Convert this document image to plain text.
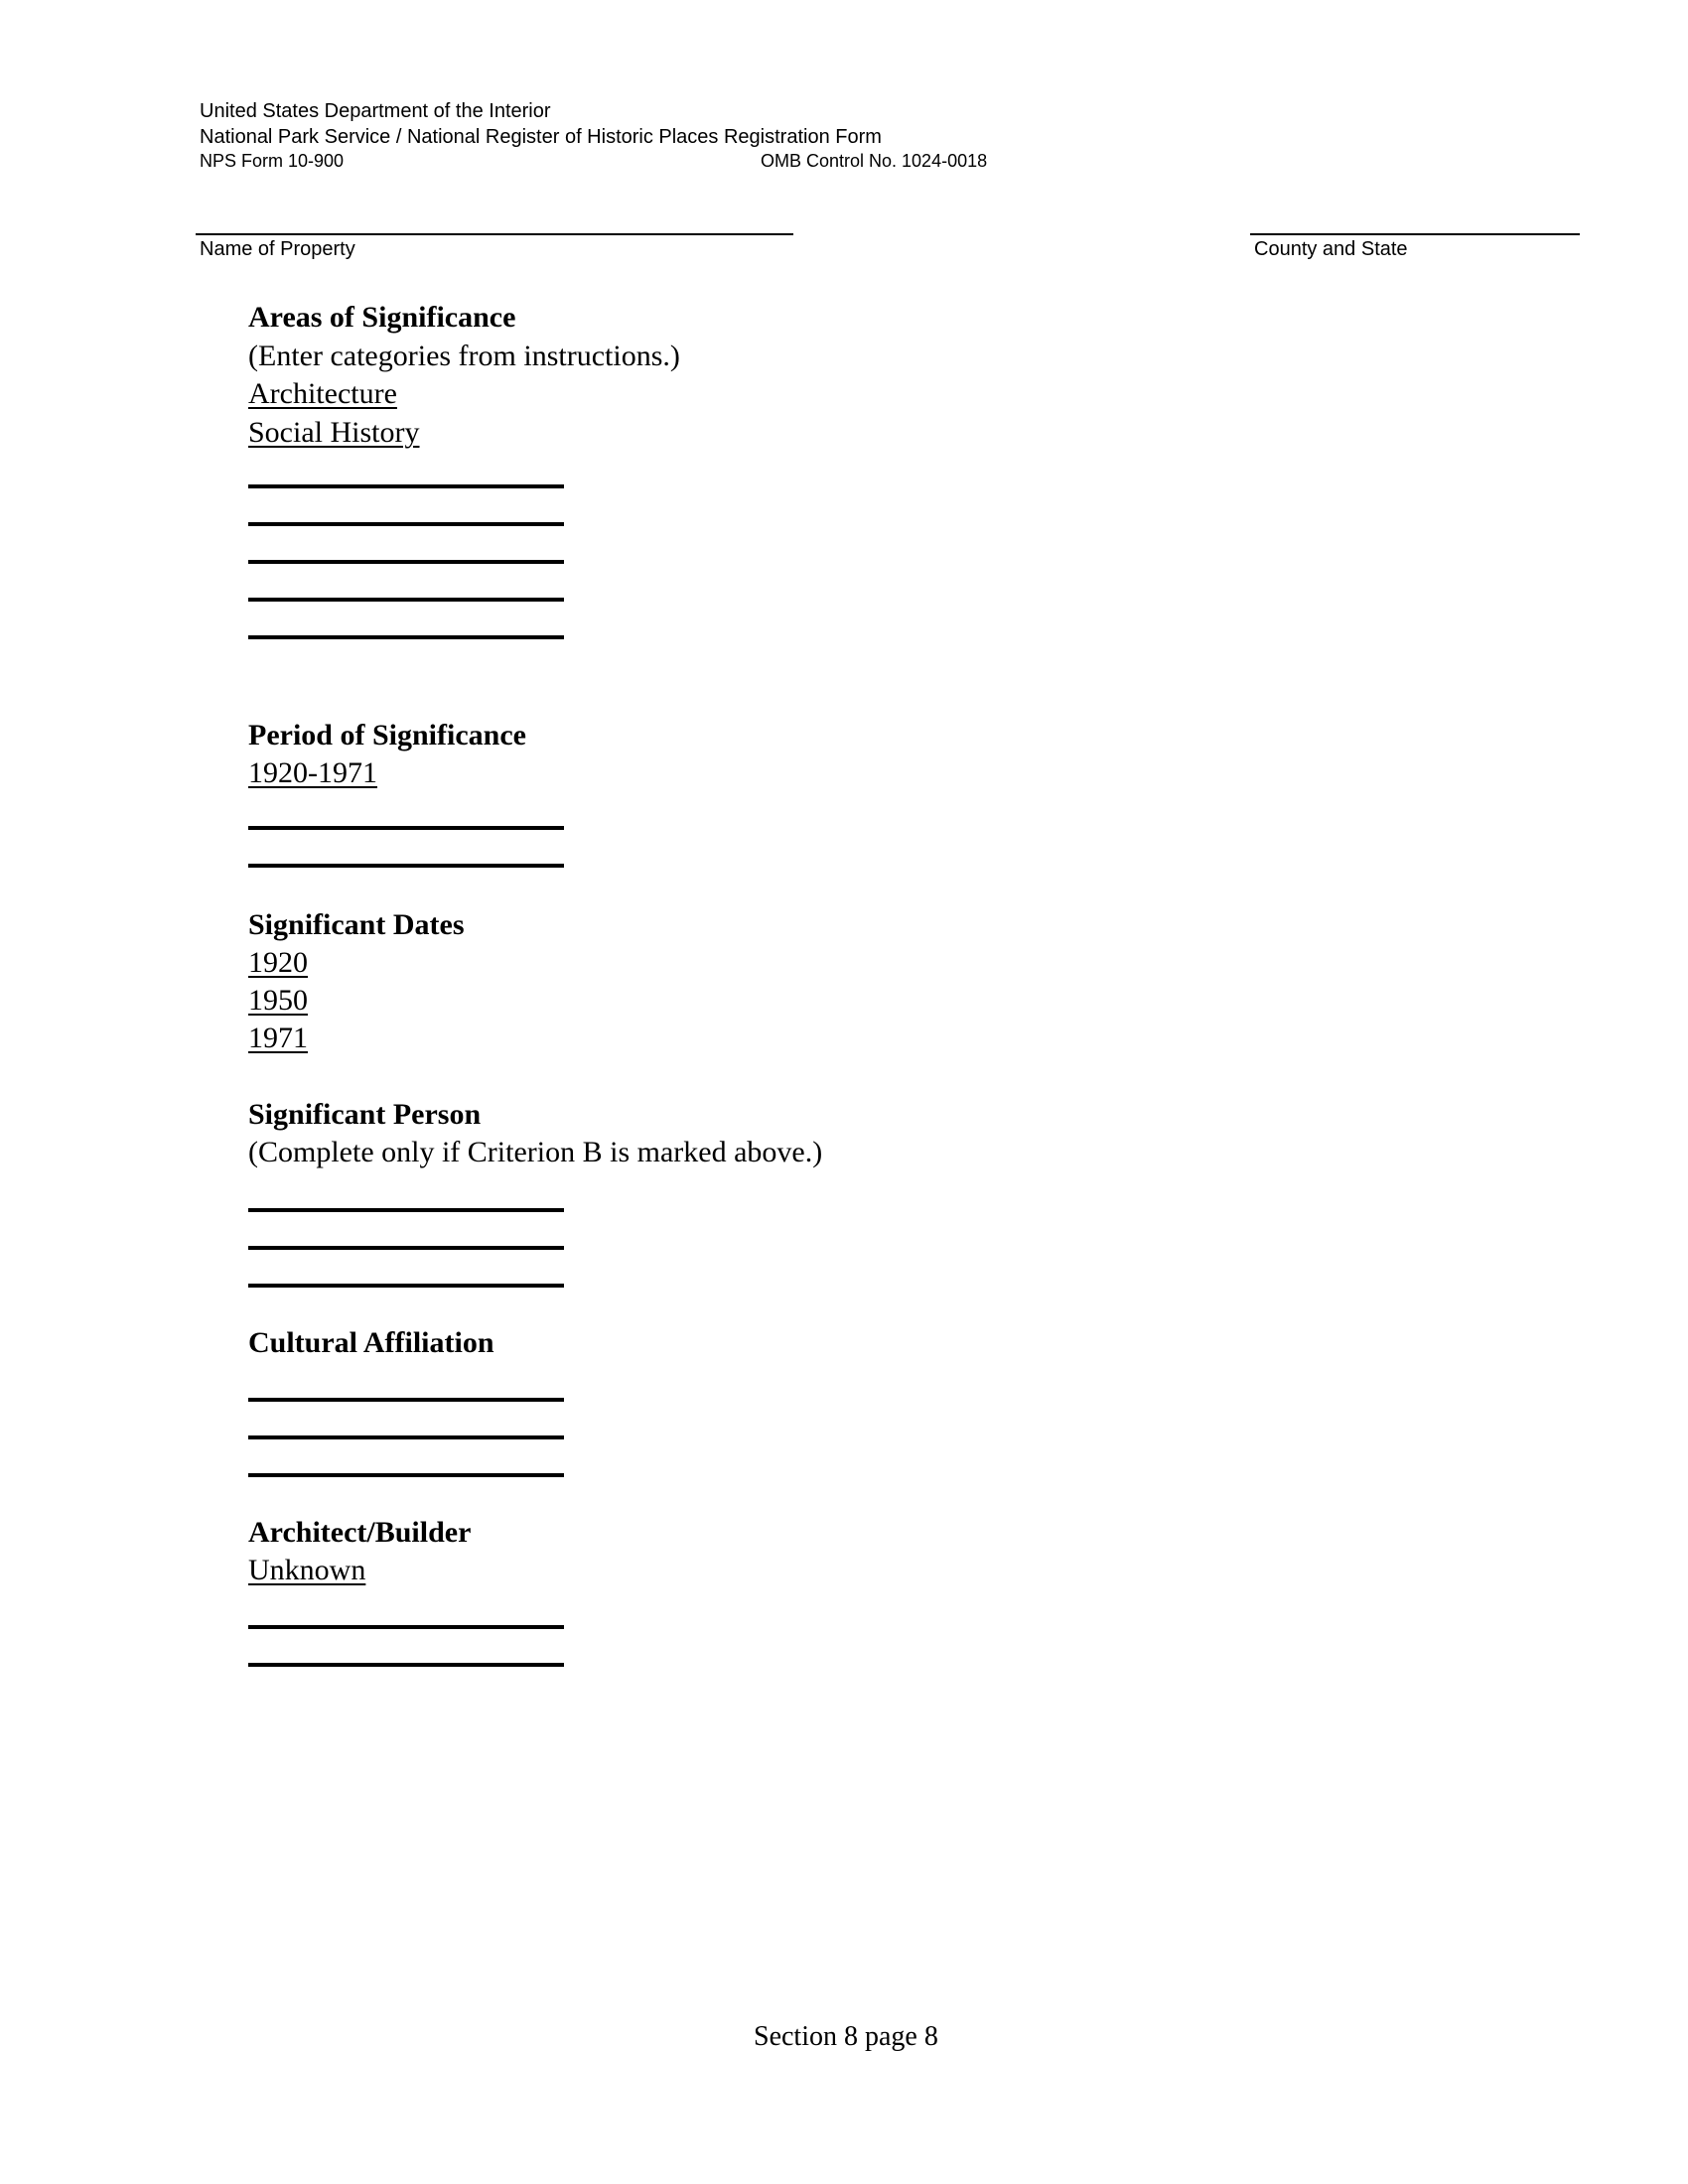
United States Department of the Interior
National Park Service / National Register of Historic Places Registration Form
NPS Form 10-900	OMB Control No. 1024-0018
Name of Property	County and State
Areas of Significance
(Enter categories from instructions.)
Architecture
Social History
Period of Significance
1920-1971
Significant Dates
1920
1950
1971
Significant Person
(Complete only if Criterion B is marked above.)
Cultural Affiliation
Architect/Builder
Unknown
Section 8 page 8
